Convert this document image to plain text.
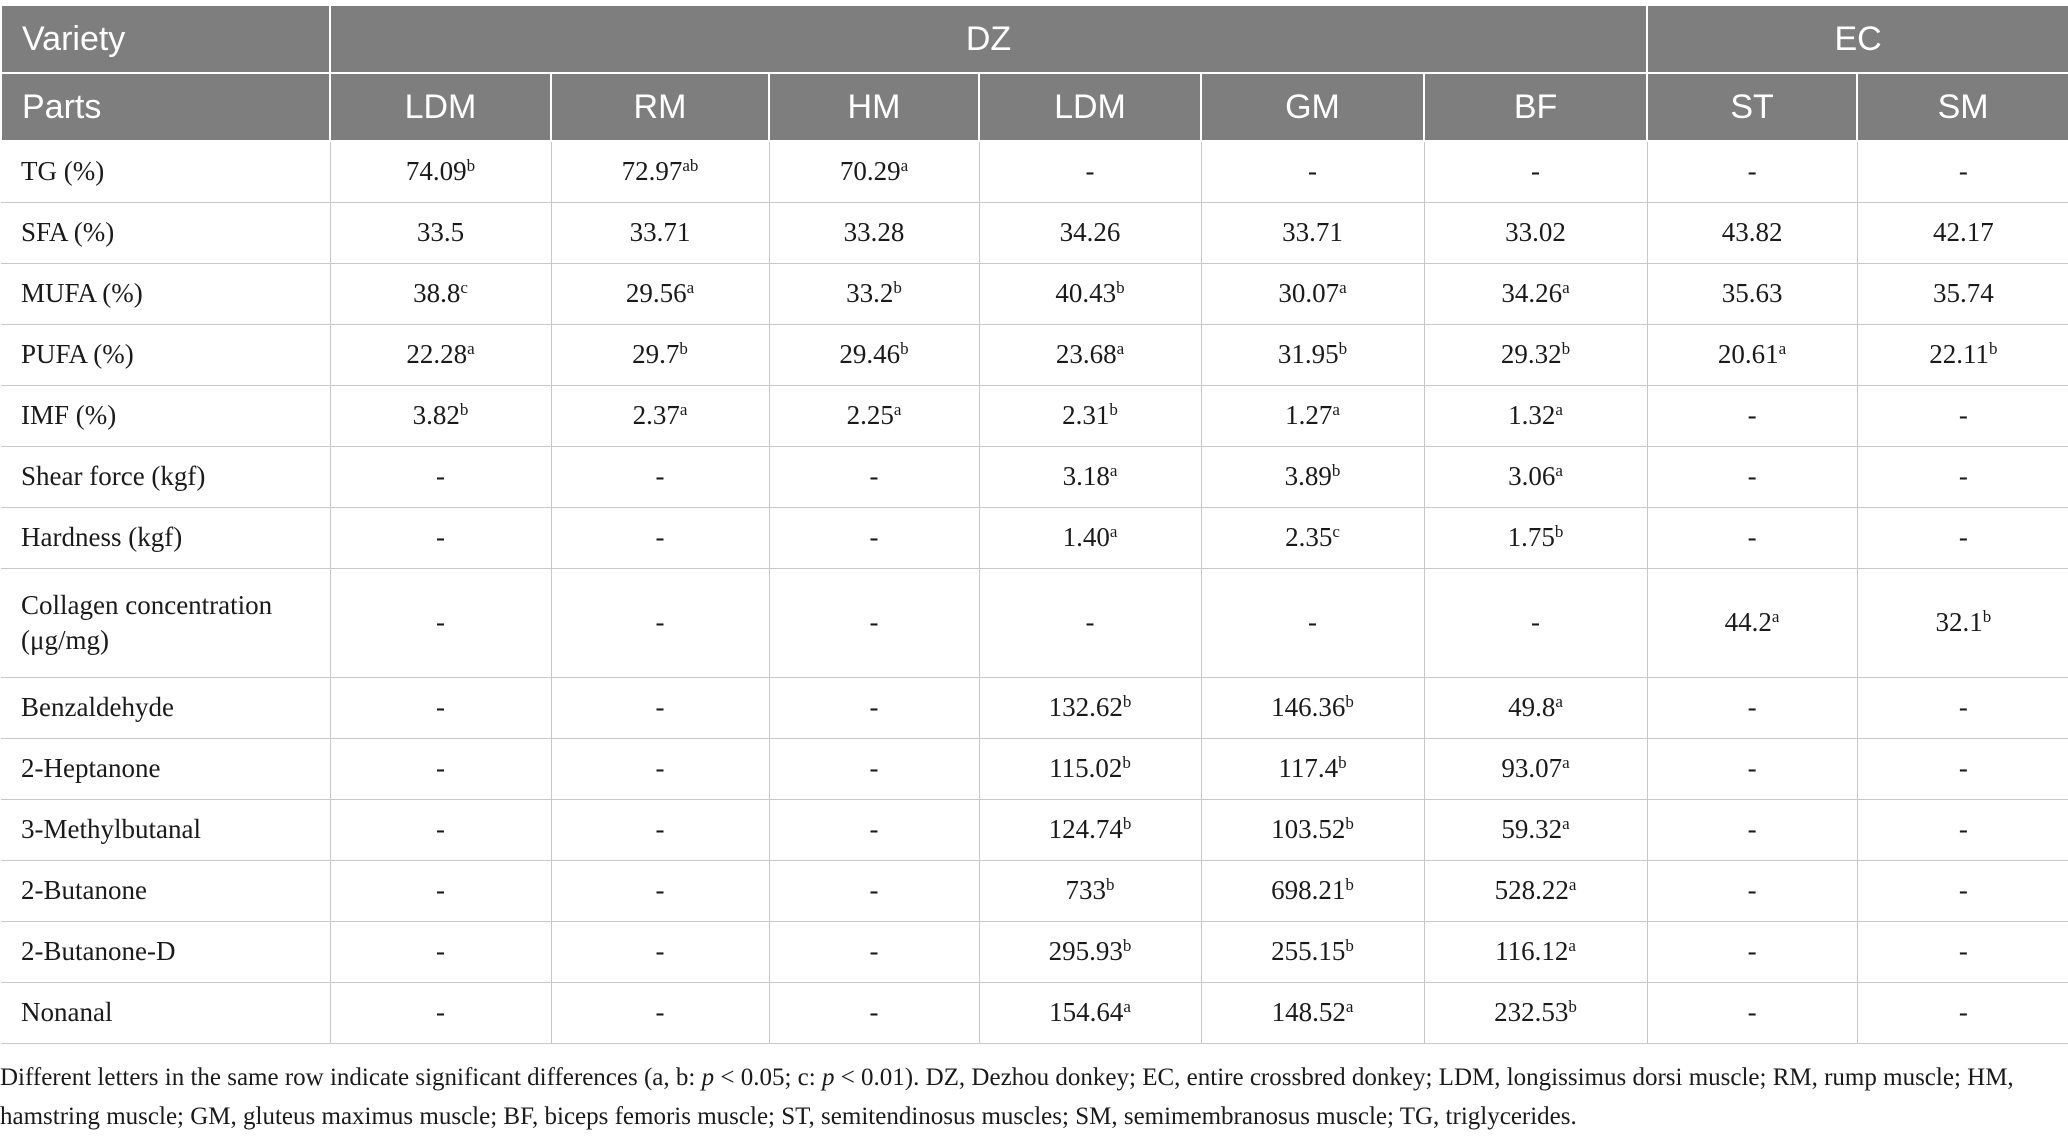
Variety	DZ						EC	
Parts	LDM	RM	HM	LDM	GM	BF	ST	SM
TG (%)	74.09$^b$	72.97$^{ab}$	70.29$^a$	-	-	-	-	-
SFA (%)	33.5	33.71	33.28	34.26	33.71	33.02	43.82	42.17
MUFA (%)	38.8$^c$	29.56$^a$	33.2$^b$	40.43$^b$	30.07$^a$	34.26$^a$	35.63	35.74
PUFA (%)	22.28$^a$	29.7$^b$	29.46$^b$	23.68$^a$	31.95$^b$	29.32$^b$	20.61$^a$	22.11$^b$
IMF (%)	3.82$^b$	2.37$^a$	2.25$^a$	2.31$^b$	1.27$^a$	1.32$^a$	-	-
Shear force (kgf)	-	-	-	3.18$^a$	3.89$^b$	3.06$^a$	-	-
Hardness (kgf)	-	-	-	1.40$^a$	2.35$^c$	1.75$^b$	-	-
Collagen concentration
(μg/mg)	-	-	-	-	-	-	44.2$^a$	32.1$^b$
Benzaldehyde	-	-	-	132.62$^b$	146.36$^b$	49.8$^a$	-	-
2-Heptanone	-	-	-	115.02$^b$	117.4$^b$	93.07$^a$	-	-
3-Methylbutanal	-	-	-	124.74$^b$	103.52$^b$	59.32$^a$	-	-
2-Butanone	-	-	-	733$^b$	698.21$^b$	528.22$^a$	-	-
2-Butanone-D	-	-	-	295.93$^b$	255.15$^b$	116.12$^a$	-	-
Nonanal	-	-	-	154.64$^a$	148.52$^a$	232.53$^b$	-	-
Different letters in the same row indicate significant differences (a, b: p < 0.05; c: p < 0.01). DZ, Dezhou donkey; EC, entire crossbred donkey; LDM, longissimus dorsi muscle; RM, rump muscle; HM, hamstring muscle; GM, gluteus maximus muscle; BF, biceps femoris muscle; ST, semitendinosus muscles; SM, semimembranosus muscle; TG, triglycerides.
